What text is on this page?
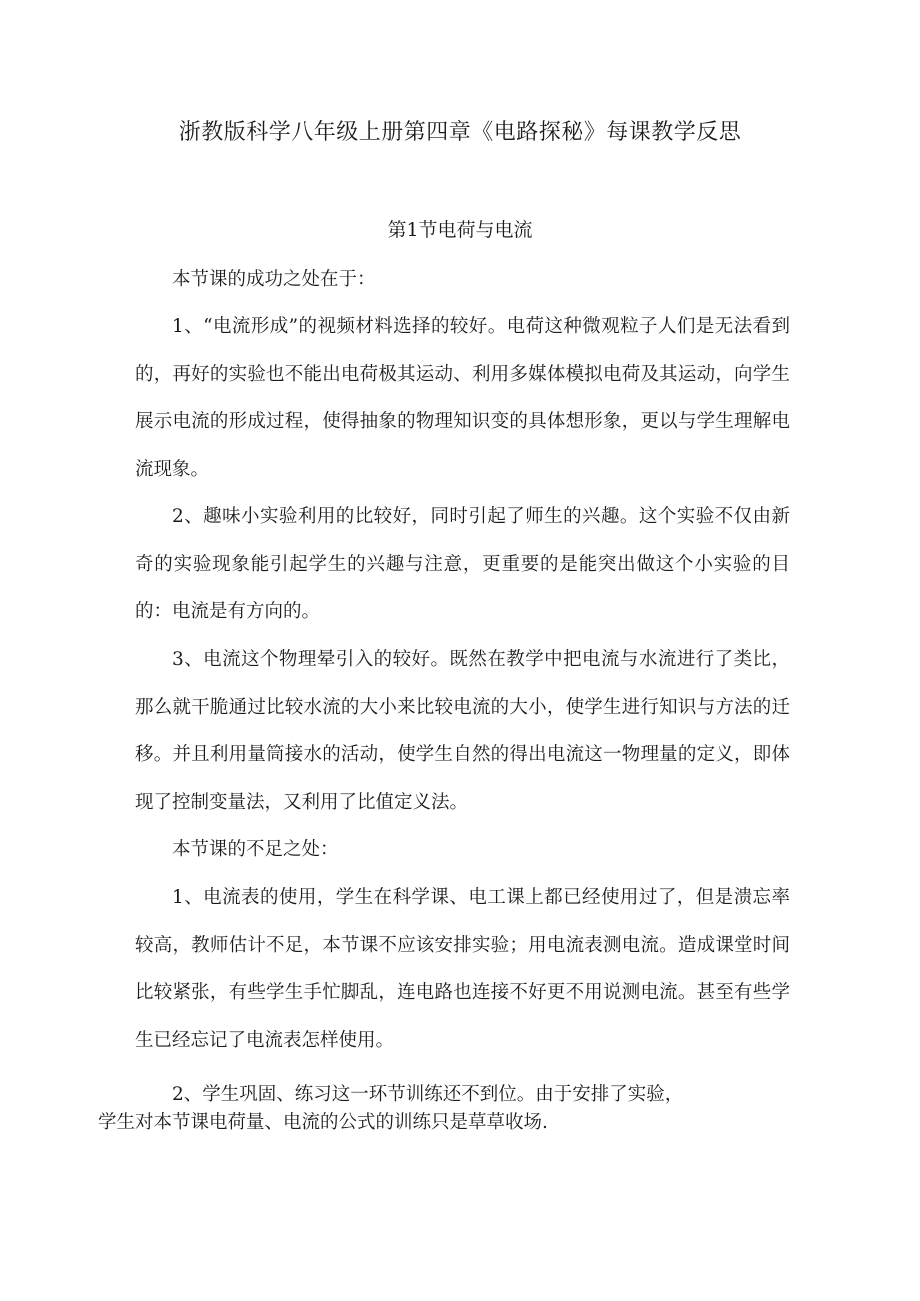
浙教版科学八年级上册第四章《电路探秘》每课教学反思
第1节电荷与电流

本节课的成功之处在于：

1、“电流形成”的视频材料选择的较好。电荷这种微观粒子人们是无法看到的，再好的实验也不能出电荷极其运动、利用多媒体模拟电荷及其运动，向学生展示电流的形成过程，使得抽象的物理知识变的具体想形象，更以与学生理解电流现象。

2、趣味小实验利用的比较好，同时引起了师生的兴趣。这个实验不仅由新奇的实验现象能引起学生的兴趣与注意，更重要的是能突出做这个小实验的目的：电流是有方向的。

3、电流这个物理晕引入的较好。既然在教学中把电流与水流进行了类比，那么就干脆通过比较水流的大小来比较电流的大小，使学生进行知识与方法的迁移。并且利用量筒接水的活动，使学生自然的得出电流这一物理量的定义，即体现了控制变量法，又利用了比值定义法。

本节课的不足之处：

1、电流表的使用，学生在科学课、电工课上都已经使用过了，但是溃忘率较高，教师估计不足，本节课不应该安排实验；用电流表测电流。造成课堂时间比较紧张，有些学生手忙脚乱，连电路也连接不好更不用说测电流。甚至有些学生已经忘记了电流表怎样使用。

2、学生巩固、练习这一环节训练还不到位。由于安排了实验，
学生对本节课电荷量、电流的公式的训练只是草草收场.
